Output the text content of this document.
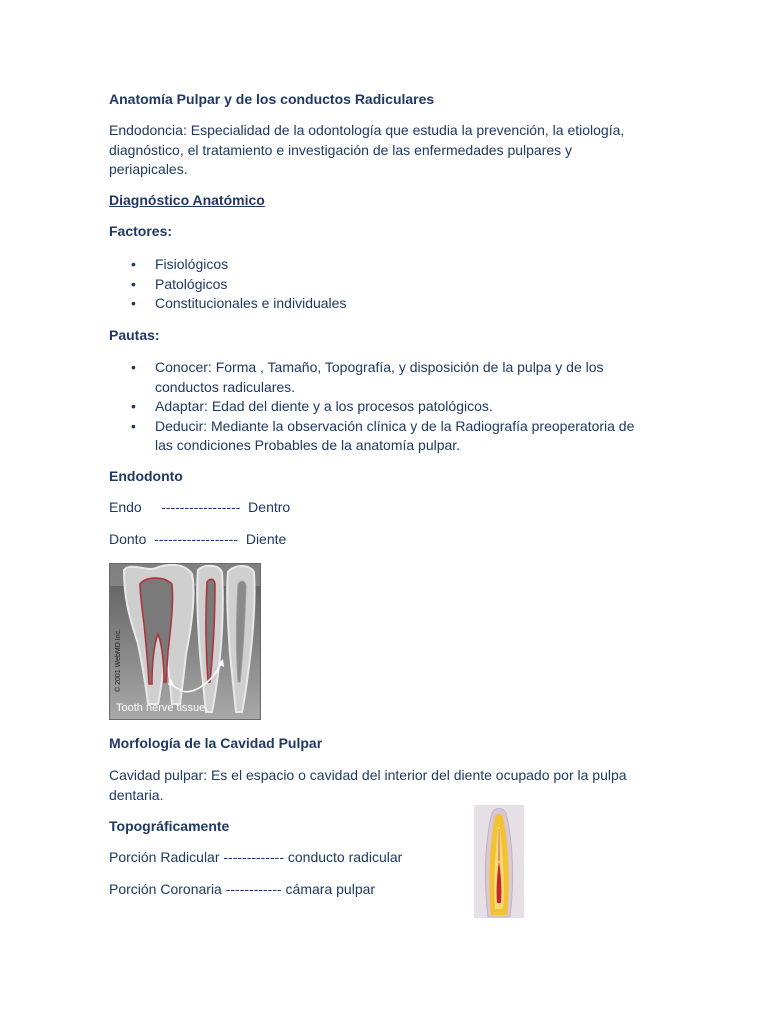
Anatomía Pulpar y de los conductos Radiculares

Endodoncia: Especialidad de la odontología que estudia la prevención, la etiología,
diagnóstico, el tratamiento e investigación de las enfermedades pulpares y
periapicales.

Diagnóstico Anatómico

Factores:

• Fisiológicos
• Patológicos
• Constitucionales e individuales

Pautas:

• Conocer: Forma , Tamaño, Topografía, y disposición de la pulpa y de los
conductos radiculares.
• Adaptar: Edad del diente y a los procesos patológicos.
• Deducir: Mediante la observación clínica y de la Radiografía preoperatoria de
las condiciones Probables de la anatomía pulpar.

Endodonto

Endo     -----------------  Dentro

Donto  ------------------  Diente

© 2001 WebMD Inc.
Tooth nerve tissue.

Morfología de la Cavidad Pulpar

Cavidad pulpar: Es el espacio o cavidad del interior del diente ocupado por la pulpa
dentaria.

Topográficamente

Porción Radicular ------------- conducto radicular

Porción Coronaria ------------ cámara pulpar
